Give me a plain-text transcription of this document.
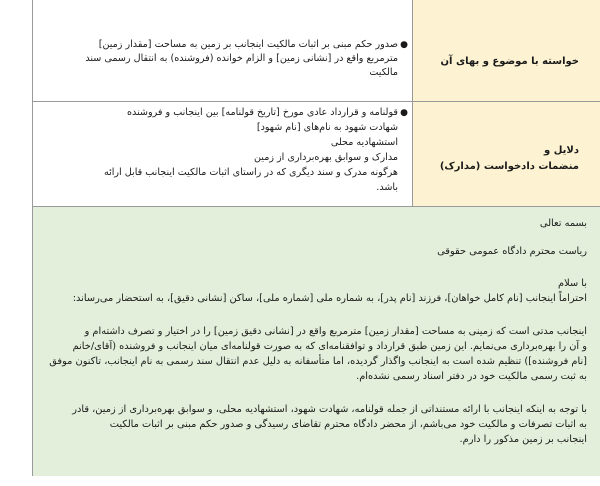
●
صدور حکم مبنی بر اثبات مالکیت اینجانب بر زمین به مساحت [مقدار زمین]
مترمربع واقع در [نشانی زمین] و الزام خوانده (فروشنده) به انتقال رسمی سند
مالکیت
خواسته با موضوع و بهای آن
●
قولنامه و قرارداد عادی مورخ [تاریخ قولنامه] بین اینجانب و فروشنده
شهادت شهود به نام‌های [نام شهود]
استشهادیه محلی
مدارک و سوابق بهره‌برداری از زمین
هرگونه مدرک و سند دیگری که در راستای اثبات مالکیت اینجانب قابل ارائه
باشد.
دلایل و
منضمات دادخواست (مدارک)
بسمه تعالی
ریاست محترم دادگاه عمومی حقوقی
با سلام
احتراماً اینجانب [نام کامل خواهان]، فرزند [نام پدر]، به شماره ملی [شماره ملی]، ساکن [نشانی دقیق]، به استحضار می‌رساند:
اینجانب مدتی است که زمینی به مساحت [مقدار زمین] مترمربع واقع در [نشانی دقیق زمین] را در اختیار و تصرف داشته‌ام و
و آن را بهره‌برداری می‌نمایم. این زمین طبق قرارداد و توافقنامه‌ای که به صورت قولنامه‌ای میان اینجانب و فروشنده (آقای/خانم
[نام فروشنده]) تنظیم شده است به اینجانب واگذار گردیده، اما متأسفانه به دلیل عدم انتقال سند رسمی به نام اینجانب، تاکنون موفق
به ثبت رسمی مالکیت خود در دفتر اسناد رسمی نشده‌ام.
با توجه به اینکه اینجانب با ارائه مستنداتی از جمله قولنامه، شهادت شهود، استشهادیه محلی، و سوابق بهره‌برداری از زمین، قادر
به اثبات تصرفات و مالکیت خود می‌باشم، از محضر دادگاه محترم تقاضای رسیدگی و صدور حکم مبنی بر اثبات مالکیت
اینجانب بر زمین مذکور را دارم.
